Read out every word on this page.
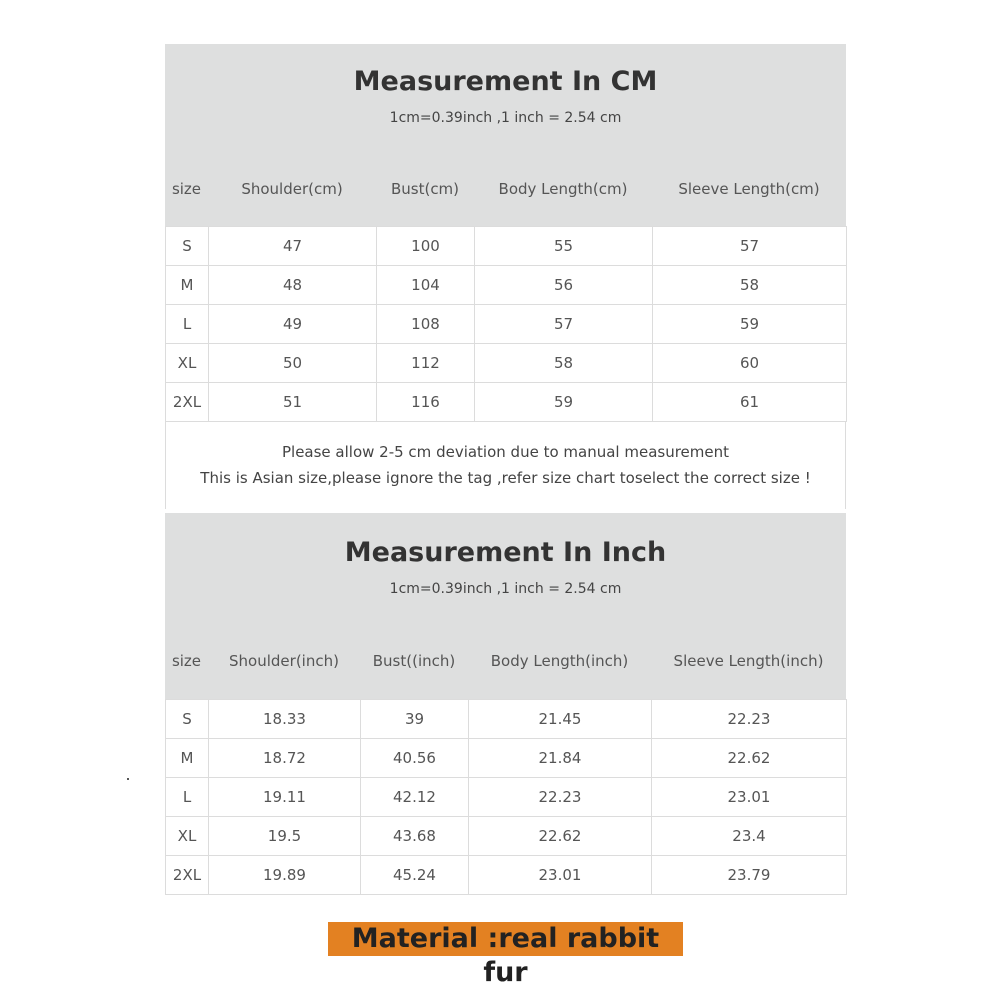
Measurement In CM
1cm=0.39inch ,1 inch = 2.54 cm
size	Shoulder(cm)	Bust(cm)	Body Length(cm)	Sleeve Length(cm)
S	47	100	55	57
M	48	104	56	58
L	49	108	57	59
XL	50	112	58	60
2XL	51	116	59	61
Please allow 2-5 cm deviation due to manual measurement
This is Asian size,please ignore the tag ,refer size chart toselect the correct size !
Measurement In Inch
1cm=0.39inch ,1 inch = 2.54 cm
size	Shoulder(inch)	Bust((inch)	Body Length(inch)	Sleeve Length(inch)
S	18.33	39	21.45	22.23
M	18.72	40.56	21.84	22.62
L	19.11	42.12	22.23	23.01
XL	19.5	43.68	22.62	23.4
2XL	19.89	45.24	23.01	23.79
Material :real rabbit fur
